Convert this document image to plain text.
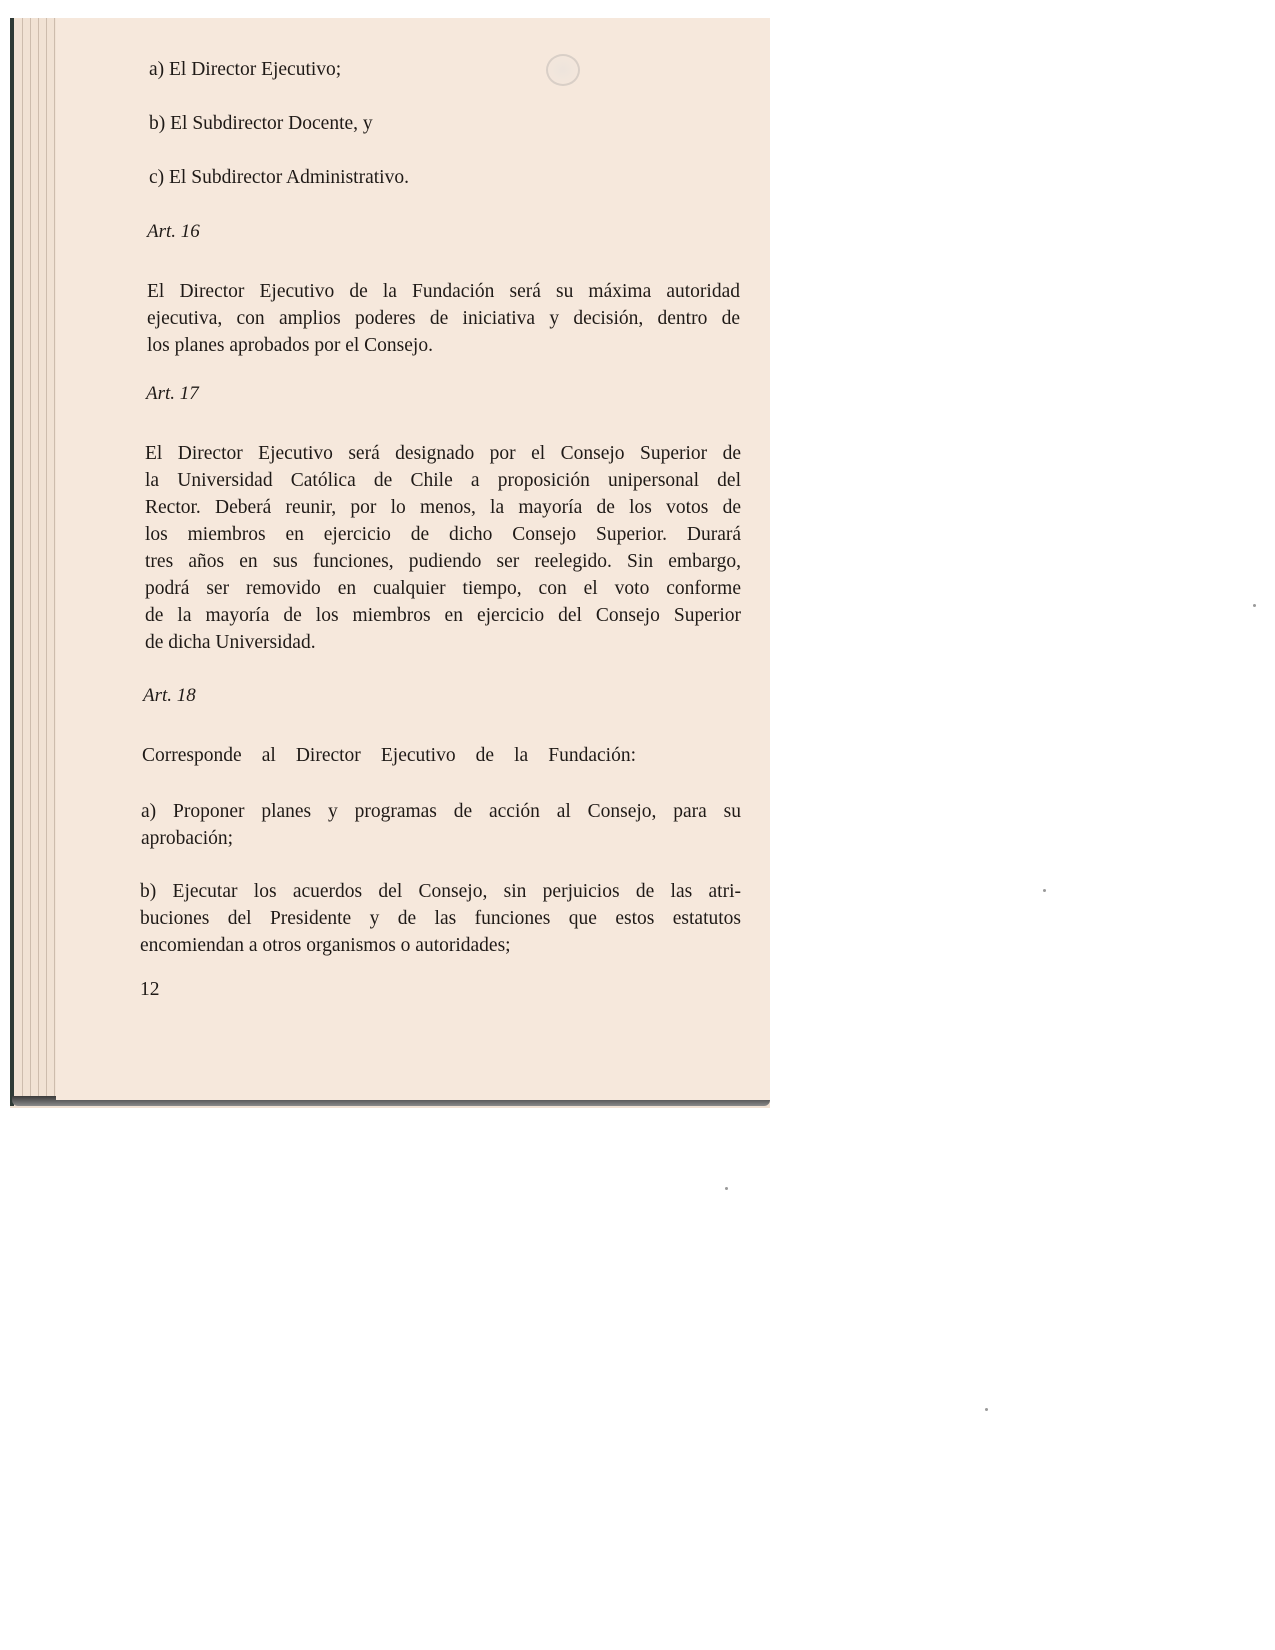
a) El Director Ejecutivo;

b) El Subdirector Docente, y

c) El Subdirector Administrativo.

Art. 16

El Director Ejecutivo de la Fundación será su máxima autoridad

ejecutiva, con amplios poderes de iniciativa y decisión, dentro de

los planes aprobados por el Consejo.

Art. 17

El Director Ejecutivo será designado por el Consejo Superior de

la Universidad Católica de Chile a proposición unipersonal del

Rector. Deberá reunir, por lo menos, la mayoría de los votos de

los miembros en ejercicio de dicho Consejo Superior. Durará

tres años en sus funciones, pudiendo ser reelegido. Sin embargo,

podrá ser removido en cualquier tiempo, con el voto conforme

de la mayoría de los miembros en ejercicio del Consejo Superior

de dicha Universidad.

Art. 18

Corresponde al Director Ejecutivo de la Fundación:

a) Proponer planes y programas de acción al Consejo, para su

aprobación;

b) Ejecutar los acuerdos del Consejo, sin perjuicios de las atri-

buciones del Presidente y de las funciones que estos estatutos

encomiendan a otros organismos o autoridades;

12
